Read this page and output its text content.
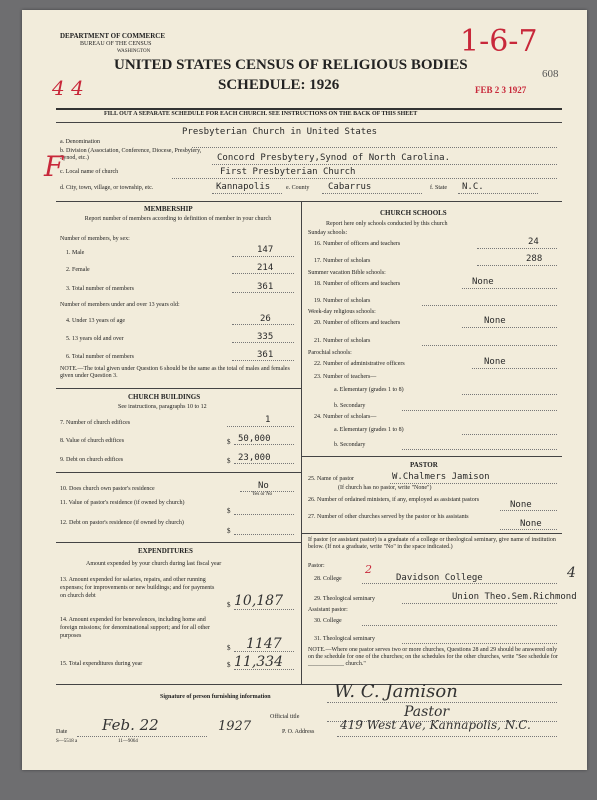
DEPARTMENT OF COMMERCE
BUREAU OF THE CENSUS
WASHINGTON
UNITED STATES CENSUS OF RELIGIOUS BODIES
SCHEDULE: 1926
4 4
1-6-7
608
FEB 2 3 1927
FILL OUT A SEPARATE SCHEDULE FOR EACH CHURCH. SEE INSTRUCTIONS ON THE BACK OF THIS SHEET
a. Denomination
Presbyterian Church in United States
b. Division (Association, Conference, Diocese, Presbytery, Synod, etc.)	Concord Presbytery,Synod of North Carolina.
c. Local name of church	First Presbyterian Church
d. City, town, village, or township, etc.	Kannapolis	e. County Cabarrus	f. State N.C.
F
MEMBERSHIP
Report number of members according to definition of member in your church
Number of members, by sex:
1. Male	147
2. Female	214
3. Total number of members	361
Number of members under and over 13 years old:
4. Under 13 years of age	26
5. 13 years old and over	335
6. Total number of members	361
NOTE.—The total given under Question 6 should be the same as the total of males and females given under Question 3.
CHURCH BUILDINGS
See instructions, paragraphs 10 to 12
7. Number of church edifices	1
8. Value of church edifices	$ 50,000
9. Debt on church edifices	$ 23,000
10. Does church own pastor's residence	No
Yes or No
11. Value of pastor's residence (if owned by church)
$
12. Debt on pastor's residence (if owned by church)
$
EXPENDITURES
Amount expended by your church during last fiscal year
13. Amount expended for salaries, repairs, and other running expenses; for improvements or new buildings; and for payments on church debt
$ 10,187
14. Amount expended for benevolences, including home and foreign missions; for denominational support; and for all other purposes
$ 1147
15. Total expenditures during year	$ 11,334
CHURCH SCHOOLS
Report here only schools conducted by this church
Sunday schools:
16. Number of officers and teachers	24
17. Number of scholars	288
Summer vacation Bible schools:
18. Number of officers and teachers	None
19. Number of scholars
Week-day religious schools:
20. Number of officers and teachers	None
21. Number of scholars
Parochial schools:
22. Number of administrative officers	None
23. Number of teachers—
a. Elementary (grades 1 to 8)
b. Secondary
24. Number of scholars—
a. Elementary (grades 1 to 8)
b. Secondary
PASTOR
25. Name of pastor	W.Chalmers Jamison
(If church has no pastor, write "None")
26. Number of ordained ministers, if any, employed as assistant pastors	None
27. Number of other churches served by the pastor or his assistants
None
If pastor (or assistant pastor) is a graduate of a college or theological seminary, give name of institution below. (If not a graduate, write "No" in the space indicated.)
Pastor:
28. College
2
Davidson College
29. Theological seminary	Union Theo.Sem.Richmond
Assistant pastor:
30. College
31. Theological seminary
NOTE.—Where one pastor serves two or more churches, Questions 28 and 29 should be answered only on the schedule for one of the churches; on the schedules for the other churches, write "See schedule for ____________ church."
4
Signature of person furnishing information	W. C. Jamison
Official title	Pastor
Date Feb. 22	1927	P. O. Address 419 West Ave, Kannapolis, N.C.
S—5518 a	11—9064
